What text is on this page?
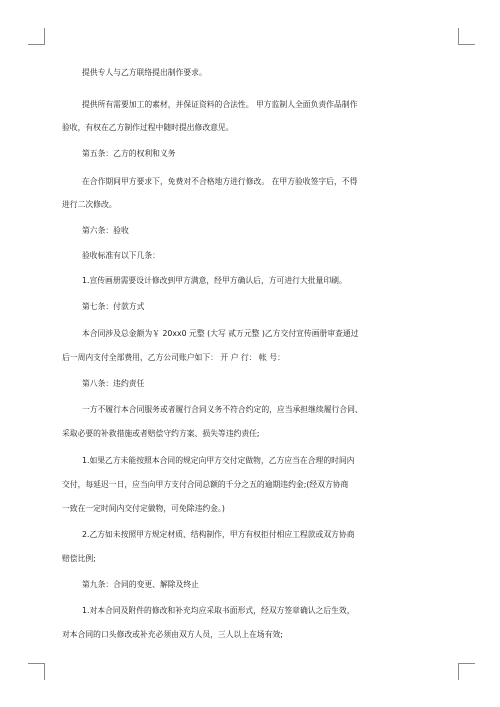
提供专人与乙方联络提出制作要求。
提供所有需要加工的素材，并保证资料的合法性。 甲方监制人全面负责作品制作
验收，有权在乙方制作过程中随时提出修改意见。
第五条：乙方的权利和义务
在合作期间甲方要求下，免费对不合格地方进行修改。 在甲方验收签字后，不得
进行二次修改。
第六条：验收
验收标准有以下几条：
1.宣传画册需要设计修改到甲方满意，经甲方确认后，方可进行大批量印刷。
第七条：付款方式
本合同涉及总金额为￥ 20xx0 元整 (大写 贰万元整 )乙方交付宣传画册审查通过
后一周内支付全部费用，乙方公司账户如下： 开 户 行： 帐 号：
第八条：违约责任
一方不履行本合同服务或者履行合同义务不符合约定的，应当承担继续履行合同、
采取必要的补救措施或者赔偿守约方案、损失等违约责任;
1.如果乙方未能按照本合同的规定向甲方交付定做物，乙方应当在合理的时间内
交付，每延迟一日，应当向甲方支付合同总额的千分之五的逾期违约金;(经双方协商
一致在一定时间内交付定做物，可免除违约金。)
2.乙方如未按照甲方规定材质、结构制作，甲方有权拒付相应工程款或双方协商
赔偿比例;
第九条：合同的变更、解除及终止
1.对本合同及附件的修改和补充均应采取书面形式，经双方签章确认之后生效，
对本合同的口头修改或补充必须由双方人员，三人以上在场有效;
